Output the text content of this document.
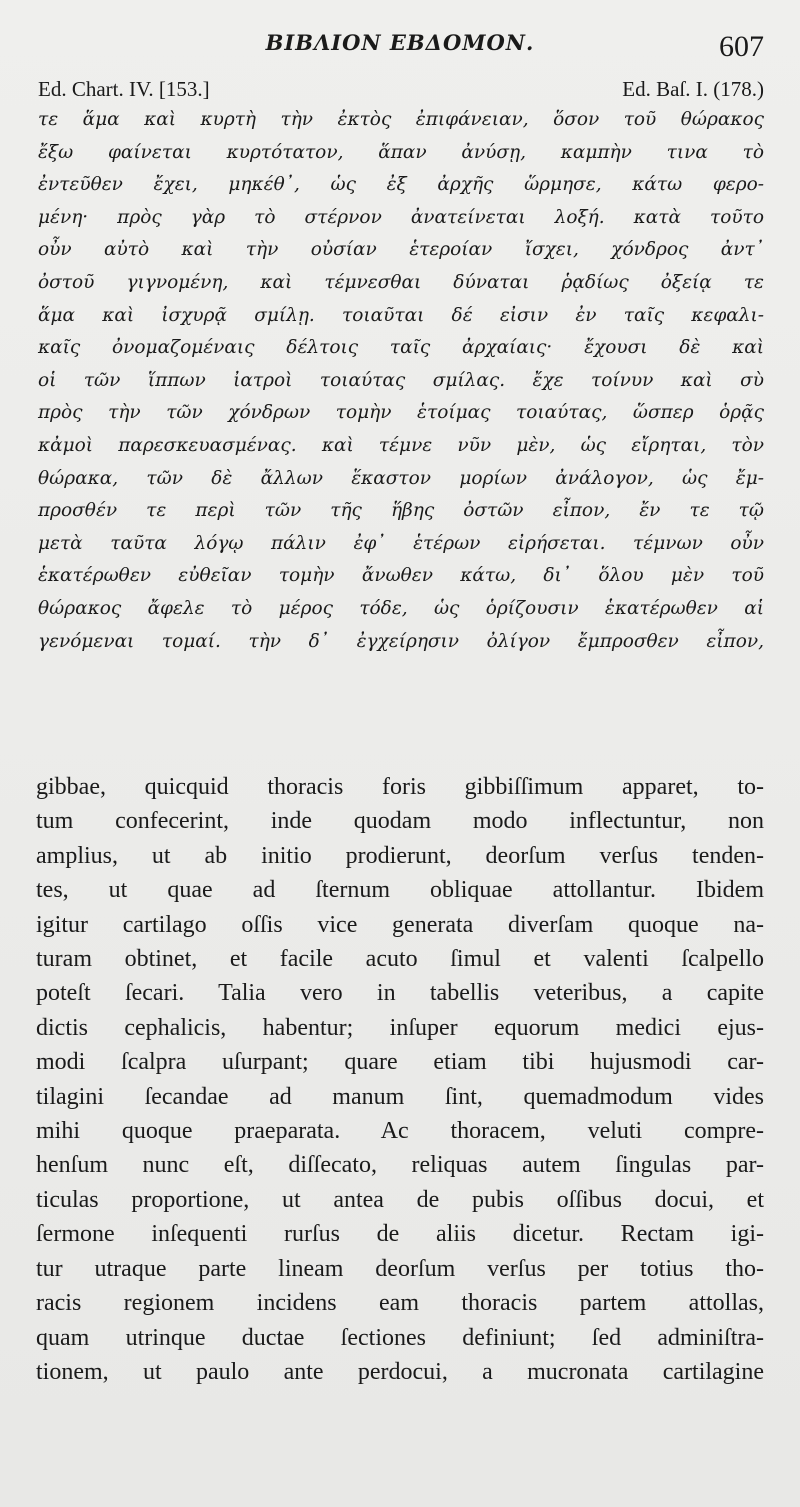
ΒΙΒΛΙΟΝ ΕΒΔΟΜΟΝ.	607
Ed. Chart. IV. [153.]	Ed. Baſ. I. (178.)
τε ἅμα καὶ κυρτὴ τὴν ἐκτὸς ἐπιφάνειαν, ὅσον τοῦ θώρακος
ἔξω φαίνεται κυρτότατον, ἅπαν ἀνύσῃ, καμπὴν τινα τὸ
ἐντεῦθεν ἔχει, μηκέθ᾽, ὡς ἐξ ἀρχῆς ὥρμησε, κάτω φερο-
μένη· πρὸς γὰρ τὸ στέρνον ἀνατείνεται λοξή. κατὰ τοῦτο
οὖν αὐτὸ καὶ τὴν οὐσίαν ἑτεροίαν ἴσχει, χόνδρος ἀντ᾽
ὀστοῦ γιγνομένη, καὶ τέμνεσθαι δύναται ῥᾳδίως ὀξείᾳ τε
ἅμα καὶ ἰσχυρᾷ σμίλῃ. τοιαῦται δέ εἰσιν ἐν ταῖς κεφαλι-
καῖς ὀνομαζομέναις δέλτοις ταῖς ἀρχαίαις· ἔχουσι δὲ καὶ
οἱ τῶν ἵππων ἰατροὶ τοιαύτας σμίλας. ἔχε τοίνυν καὶ σὺ
πρὸς τὴν τῶν χόνδρων τομὴν ἑτοίμας τοιαύτας, ὥσπερ ὁρᾷς
κἀμοὶ παρεσκευασμένας. καὶ τέμνε νῦν μὲν, ὡς εἴρηται, τὸν
θώρακα, τῶν δὲ ἄλλων ἕκαστον μορίων ἀνάλογον, ὡς ἔμ-
προσθέν τε περὶ τῶν τῆς ἥβης ὀστῶν εἶπον, ἔν τε τῷ
μετὰ ταῦτα λόγῳ πάλιν ἐφ᾽ ἑτέρων εἰρήσεται. τέμνων οὖν
ἑκατέρωθεν εὐθεῖαν τομὴν ἄνωθεν κάτω, δι᾽ ὅλου μὲν τοῦ
θώρακος ἄφελε τὸ μέρος τόδε, ὡς ὁρίζουσιν ἑκατέρωθεν αἱ
γενόμεναι τομαί. τὴν δ᾽ ἐγχείρησιν ὀλίγον ἔμπροσθεν εἶπον,
gibbae, quicquid thoracis foris gibbiſſimum apparet, to-
tum confecerint, inde quodam modo inflectuntur, non
amplius, ut ab initio prodierunt, deorſum verſus tenden-
tes, ut quae ad ſternum obliquae attollantur. Ibidem
igitur cartilago oſſis vice generata diverſam quoque na-
turam obtinet, et facile acuto ſimul et valenti ſcalpello
poteſt ſecari. Talia vero in tabellis veteribus, a capite
dictis cephalicis, habentur; inſuper equorum medici ejus-
modi ſcalpra uſurpant; quare etiam tibi hujusmodi car-
tilagini ſecandae ad manum ſint, quemadmodum vides
mihi quoque praeparata. Ac thoracem, veluti compre-
henſum nunc eſt, diſſecato, reliquas autem ſingulas par-
ticulas proportione, ut antea de pubis oſſibus docui, et
ſermone inſequenti rurſus de aliis dicetur. Rectam igi-
tur utraque parte lineam deorſum verſus per totius tho-
racis regionem incidens eam thoracis partem attollas,
quam utrinque ductae ſectiones definiunt; ſed adminiſtra-
tionem, ut paulo ante perdocui, a mucronata cartilagine
